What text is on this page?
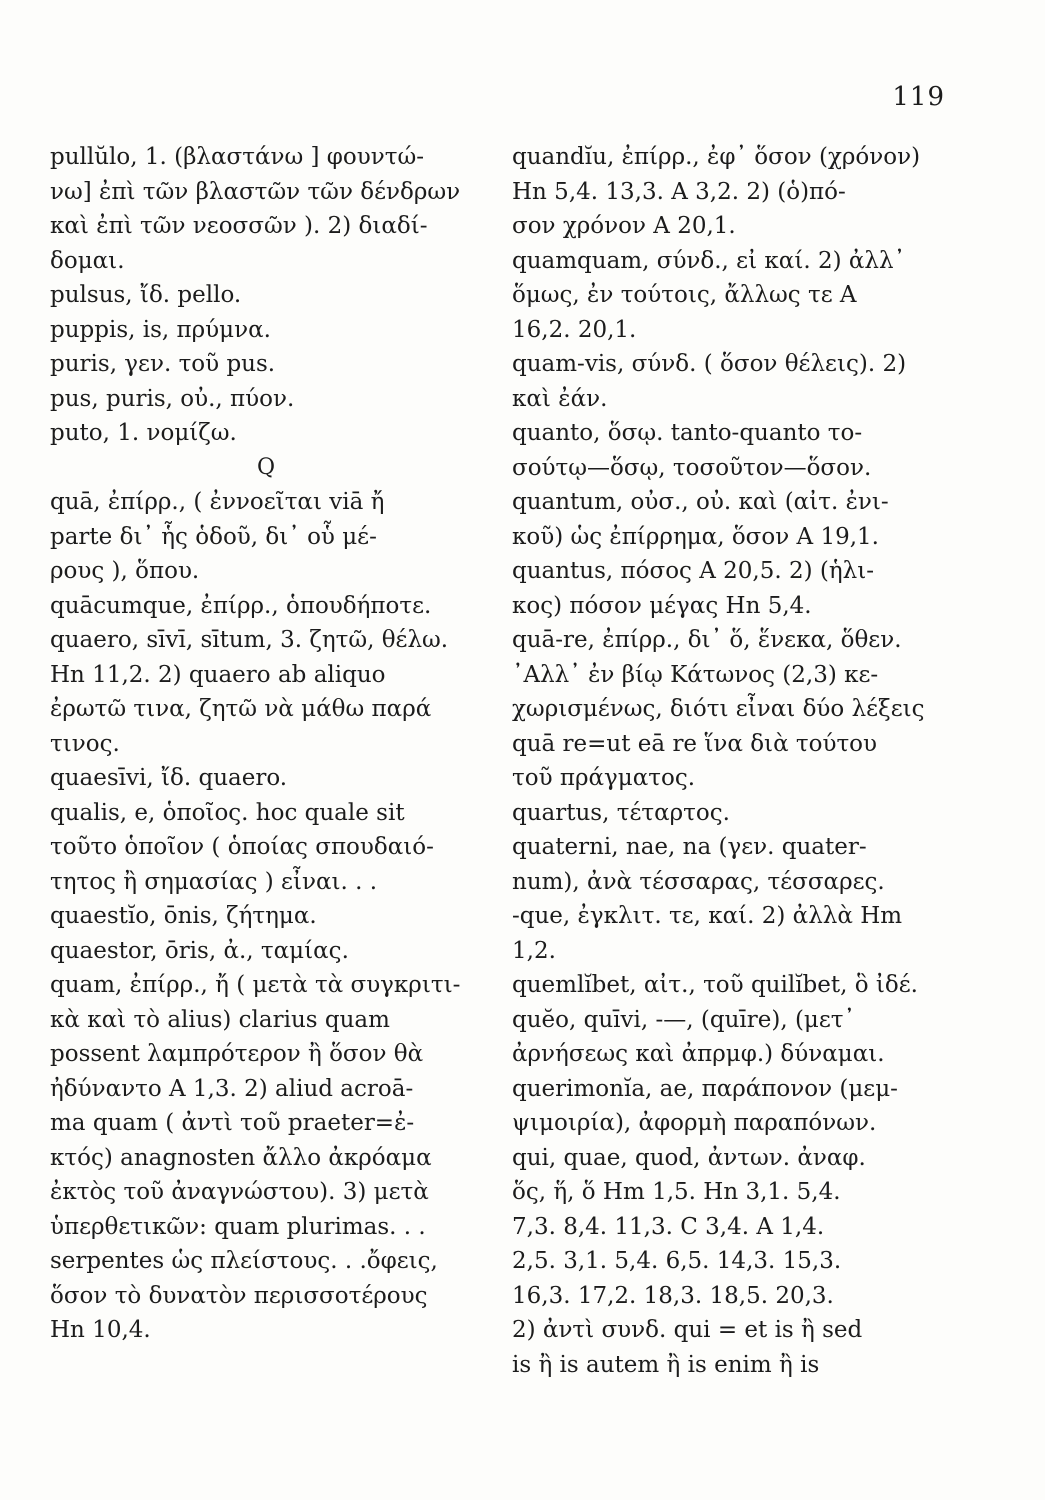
119
pullŭlo, 1. (βλαστάνω ] φουντώ-
νω] ἐπὶ τῶν βλαστῶν τῶν δένδρων
καὶ ἐπὶ τῶν νεοσσῶν ). 2) διαδί-
δομαι.
pulsus, ἴδ. pello.
puppis, is, πρύμνα.
puris, γεν. τοῦ pus.
pus, puris, οὐ., πύον.
puto, 1. νομίζω.
Q
quā, ἐπίρρ., ( ἐννοεῖται viā ἤ
parte δι᾽ ἧς ὁδοῦ, δι᾽ οὗ μέ-
ρους ), ὅπου.
quācumque, ἐπίρρ., ὁπουδήποτε.
quaero, sīvī, sītum, 3. ζητῶ, θέλω.
Hn 11,2. 2) quaero ab aliquo
ἐρωτῶ τινα, ζητῶ νὰ μάθω παρά
τινος.
quaesīvi, ἴδ. quaero.
qualis, e, ὁποῖος. hoc quale sit
τοῦτο ὁποῖον ( ὁποίας σπουδαιό-
τητος ἢ σημασίας ) εἶναι. . .
quaestĭo, ōnis, ζήτημα.
quaestor, ōris, ἀ., ταμίας.
quam, ἐπίρρ., ἤ ( μετὰ τὰ συγκριτι-
κὰ καὶ τὸ alius) clarius quam
possent λαμπρότερον ἢ ὅσον θὰ
ἠδύναντο A 1,3. 2) aliud acroā-
ma quam ( ἀντὶ τοῦ praeter=ἐ-
κτός) anagnosten ἄλλο ἀκρόαμα
ἐκτὸς τοῦ ἀναγνώστου). 3) μετὰ
ὑπερθετικῶν: quam plurimas. . .
serpentes ὡς πλείστους. . .ὄφεις,
ὅσον τὸ δυνατὸν περισσοτέρους
Hn 10,4.
quandĭu, ἐπίρρ., ἐφ᾽ ὅσον (χρόνον)
Hn 5,4. 13,3. A 3,2. 2) (ὁ)πό-
σον χρόνον A 20,1.
quamquam, σύνδ., εἰ καί. 2) ἀλλ᾽
ὅμως, ἐν τούτοις, ἄλλως τε A
16,2. 20,1.
quam-vis, σύνδ. ( ὅσον θέλεις). 2)
καὶ ἐάν.
quanto, ὅσῳ. tanto-quanto το-
σούτῳ—ὅσῳ, τοσοῦτον—ὅσον.
quantum, οὐσ., οὐ. καὶ (αἰτ. ἐνι-
κοῦ) ὡς ἐπίρρημα, ὅσον A 19,1.
quantus, πόσος A 20,5. 2) (ἡλι-
κος) πόσον μέγας Hn 5,4.
quā-re, ἐπίρρ., δι᾽ ὅ, ἕνεκα, ὅθεν.
᾽Αλλ᾽ ἐν βίῳ Κάτωνος (2,3) κε-
χωρισμένως, διότι εἶναι δύο λέξεις
quā re=ut eā re ἵνα διὰ τούτου
τοῦ πράγματος.
quartus, τέταρτος.
quaterni, nae, na (γεν. quater-
num), ἀνὰ τέσσαρας, τέσσαρες.
-que, ἐγκλιτ. τε, καί. 2) ἀλλὰ Hm
1,2.
quemlĭbet, αἰτ., τοῦ quilĭbet, ὃ ἰδέ.
quĕo, quīvi, -—, (quīre), (μετ᾽
ἀρνήσεως καὶ ἀπρμφ.) δύναμαι.
querimonĭa, ae, παράπονον (μεμ-
ψιμοιρία), ἀφορμὴ παραπόνων.
qui, quae, quod, ἀντων. ἀναφ.
ὅς, ἥ, ὅ Hm 1,5. Hn 3,1. 5,4.
7,3. 8,4. 11,3. C 3,4. A 1,4.
2,5. 3,1. 5,4. 6,5. 14,3. 15,3.
16,3. 17,2. 18,3. 18,5. 20,3.
2) ἀντὶ συνδ. qui = et is ἢ sed
is ἢ is autem ἢ is enim ἢ is
